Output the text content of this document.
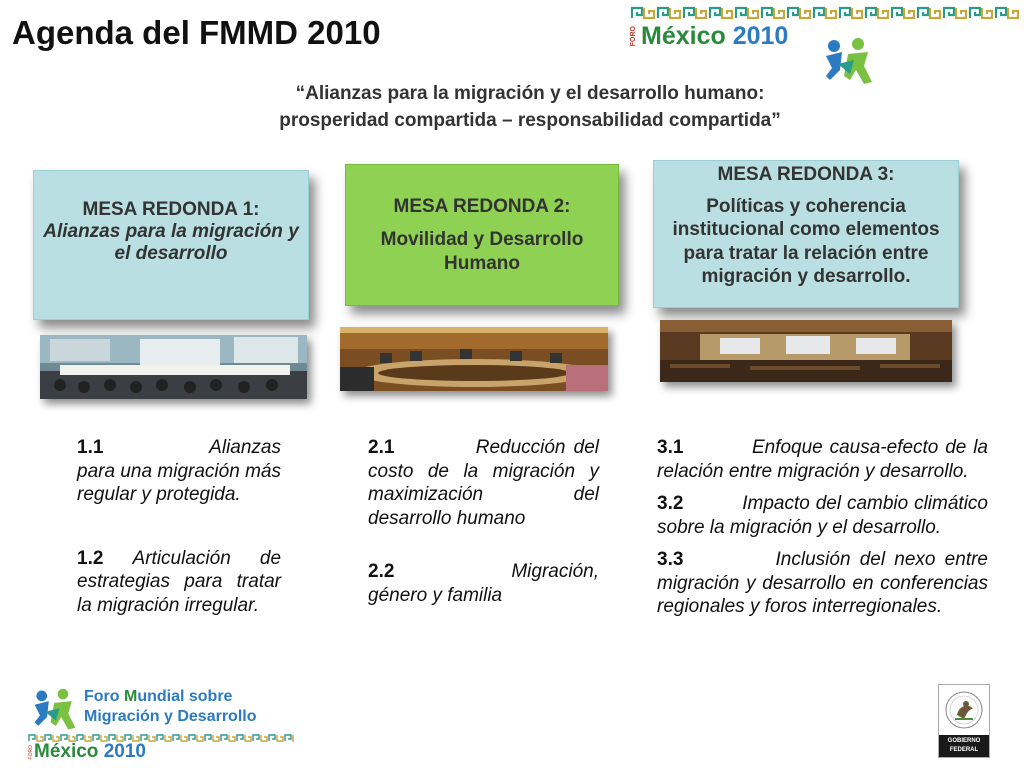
Agenda del FMMD 2010	FORO México 2010
“Alianzas para la migración y el desarrollo humano:
prosperidad compartida – responsabilidad compartida”
MESA REDONDA 1:
Alianzas para la migración y el desarrollo
MESA REDONDA 2:
Movilidad y Desarrollo Humano
MESA REDONDA 3:
Políticas y coherencia institucional como elementos para tratar la relación entre migración y desarrollo.

1.1	Alianzas para una migración más regular y protegida.

1.2 Articulación de estrategias para tratar la migración irregular.

2.1	Reducción del costo de la migración y maximización del desarrollo humano

2.2	Migración, género y familia

3.1	Enfoque causa-efecto de la relación entre migración y desarrollo.

3.2	Impacto del cambio climático sobre la migración y el desarrollo.

3.3	Inclusión del nexo entre migración y desarrollo en conferencias regionales y foros interregionales.

Foro Mundial sobre
Migración y Desarrollo
FORO México 2010	GOBIERNO
FEDERAL
